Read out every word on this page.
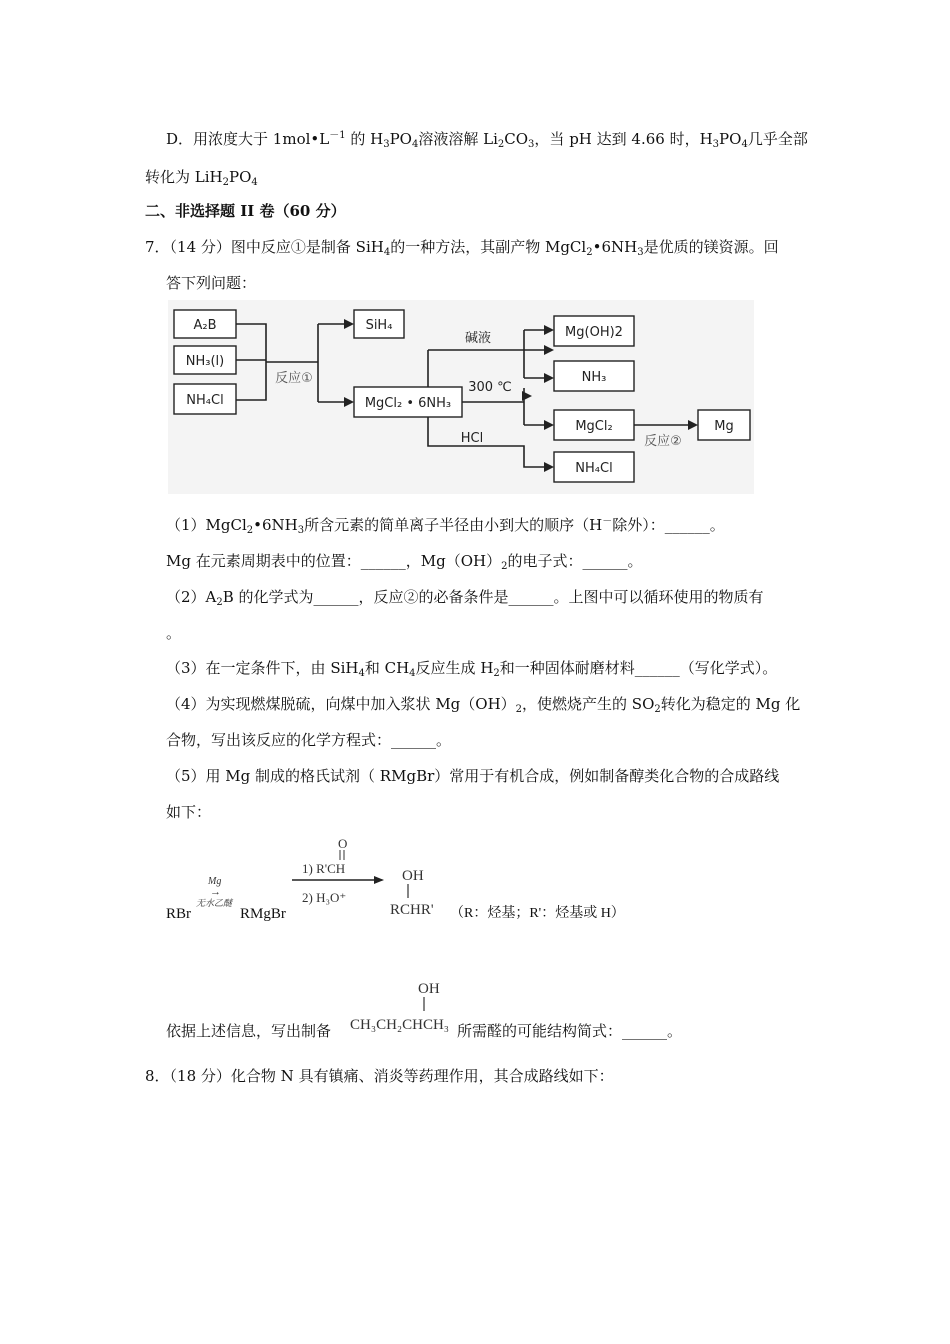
D．用浓度大于 $1mol•L^{-1}$ 的 $H_3PO_4$溶液溶解 $Li_2CO_3$，当 pH 达到 4.66 时，$H_3PO_4$几乎全部
转化为 $LiH_2PO_4$
二、非选择题 II 卷（60 分）
7．（14 分）图中反应①是制备 SiH$_4$的一种方法，其副产物 $MgCl_2•6NH_3$是优质的镁资源。回
答下列问题：
A₂B
NH₃(l)
NH₄Cl
反应①
SiH₄
MgCl₂ • 6NH₃
碱液
300 ℃
HCl
Mg(OH)2
NH₃
MgCl₂
NH₄Cl
反应②
Mg
$(1)MgCl_2•6NH_3$所含元素的简单离子半径由小到大的顺序（H－除外）：______。
Mg 在元素周期表中的位置：______，$Mg(OH)_2$的电子式：______。
$(2)A_2B$ 的化学式为______，反应②的必备条件是______。上图中可以循环使用的物质有
。
（3）在一定条件下，由 SiH$_4$和 $CH_4$反应生成 $H_2$和一种固体耐磨材料______（写化学式）。
（4）为实现燃煤脱硫，向煤中加入浆状 $Mg(OH)_2$，使燃烧产生的 $SO_2$转化为稳定的 Mg 化
合物，写出该反应的化学方程式：______。
（5）用 Mg 制成的格氏试剂（ RMgBr）常用于有机合成，例如制备醇类化合物的合成路线
如下：
RBr
Mg
→
无水乙醚
RMgBr
O
1) R'CH
2) H₃O⁺
OH
RCHR' （R：烃基；R'：烃基或 H）
依据上述信息，写出制备	所需醛的可能结构简式：______。
OH
CH₃CH₂CHCH₃
8．（18 分）化合物 N 具有镇痛、消炎等药理作用，其合成路线如下：
